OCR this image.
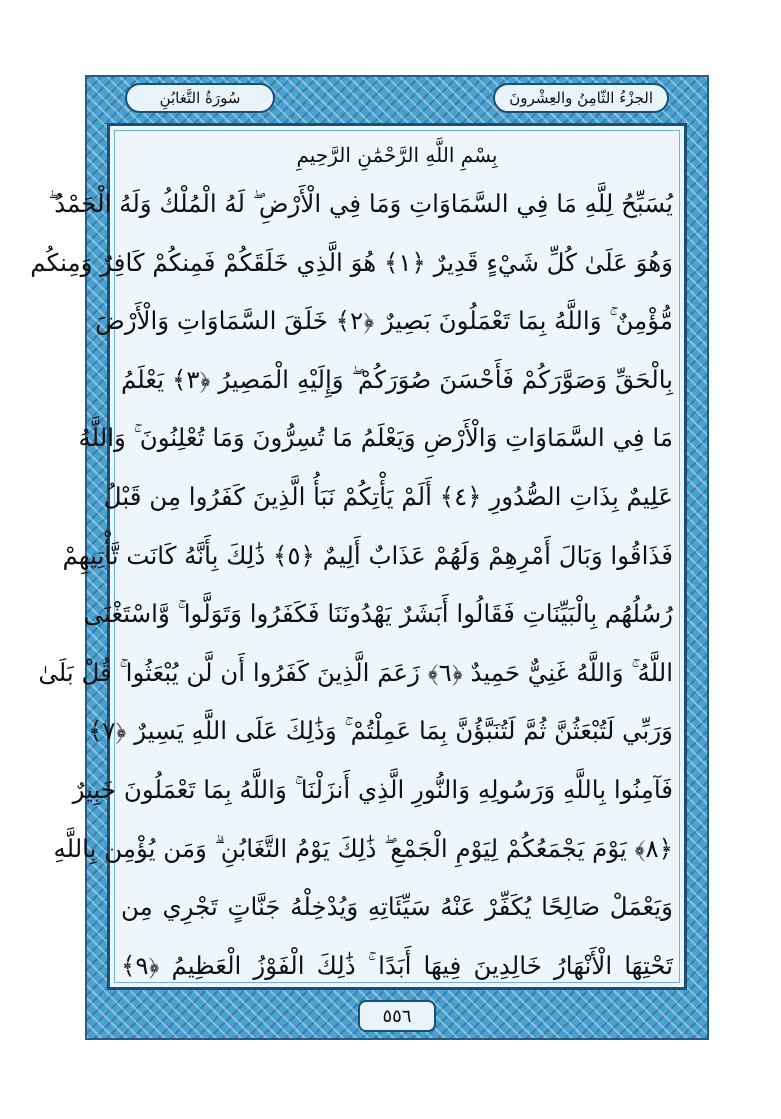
الجزْءُ الثّامِنُ والعِشْرونَ
سُورَةُ التَّغابُنِ
بِسْمِ اللَّهِ الرَّحْمَٰنِ الرَّحِيمِ
يُسَبِّحُ لِلَّهِ مَا فِي السَّمَاوَاتِ وَمَا فِي الْأَرْضِ ۖ لَهُ الْمُلْكُ وَلَهُ الْحَمْدُ ۖ
وَهُوَ عَلَىٰ كُلِّ شَيْءٍ قَدِيرٌ ﴿١﴾ هُوَ الَّذِي خَلَقَكُمْ فَمِنكُمْ كَافِرٌ وَمِنكُم
مُّؤْمِنٌ ۚ وَاللَّهُ بِمَا تَعْمَلُونَ بَصِيرٌ ﴿٢﴾ خَلَقَ السَّمَاوَاتِ وَالْأَرْضَ
بِالْحَقِّ وَصَوَّرَكُمْ فَأَحْسَنَ صُوَرَكُمْ ۖ وَإِلَيْهِ الْمَصِيرُ ﴿٣﴾ يَعْلَمُ
مَا فِي السَّمَاوَاتِ وَالْأَرْضِ وَيَعْلَمُ مَا تُسِرُّونَ وَمَا تُعْلِنُونَ ۚ وَاللَّهُ
عَلِيمٌ بِذَاتِ الصُّدُورِ ﴿٤﴾ أَلَمْ يَأْتِكُمْ نَبَأُ الَّذِينَ كَفَرُوا مِن قَبْلُ
فَذَاقُوا وَبَالَ أَمْرِهِمْ وَلَهُمْ عَذَابٌ أَلِيمٌ ﴿٥﴾ ذَٰلِكَ بِأَنَّهُ كَانَت تَّأْتِيهِمْ
رُسُلُهُم بِالْبَيِّنَاتِ فَقَالُوا أَبَشَرٌ يَهْدُونَنَا فَكَفَرُوا وَتَوَلَّوا ۚ وَّاسْتَغْنَى
اللَّهُ ۚ وَاللَّهُ غَنِيٌّ حَمِيدٌ ﴿٦﴾ زَعَمَ الَّذِينَ كَفَرُوا أَن لَّن يُبْعَثُوا ۚ قُلْ بَلَىٰ
وَرَبِّي لَتُبْعَثُنَّ ثُمَّ لَتُنَبَّؤُنَّ بِمَا عَمِلْتُمْ ۚ وَذَٰلِكَ عَلَى اللَّهِ يَسِيرٌ ﴿٧﴾
فَآمِنُوا بِاللَّهِ وَرَسُولِهِ وَالنُّورِ الَّذِي أَنزَلْنَا ۚ وَاللَّهُ بِمَا تَعْمَلُونَ خَبِيرٌ
﴿٨﴾ يَوْمَ يَجْمَعُكُمْ لِيَوْمِ الْجَمْعِ ۖ ذَٰلِكَ يَوْمُ التَّغَابُنِ ۗ وَمَن يُؤْمِن بِاللَّهِ
وَيَعْمَلْ صَالِحًا يُكَفِّرْ عَنْهُ سَيِّئَاتِهِ وَيُدْخِلْهُ جَنَّاتٍ تَجْرِي مِن
تَحْتِهَا الْأَنْهَارُ خَالِدِينَ فِيهَا أَبَدًا ۚ ذَٰلِكَ الْفَوْزُ الْعَظِيمُ ﴿٩﴾
٥٥٦
